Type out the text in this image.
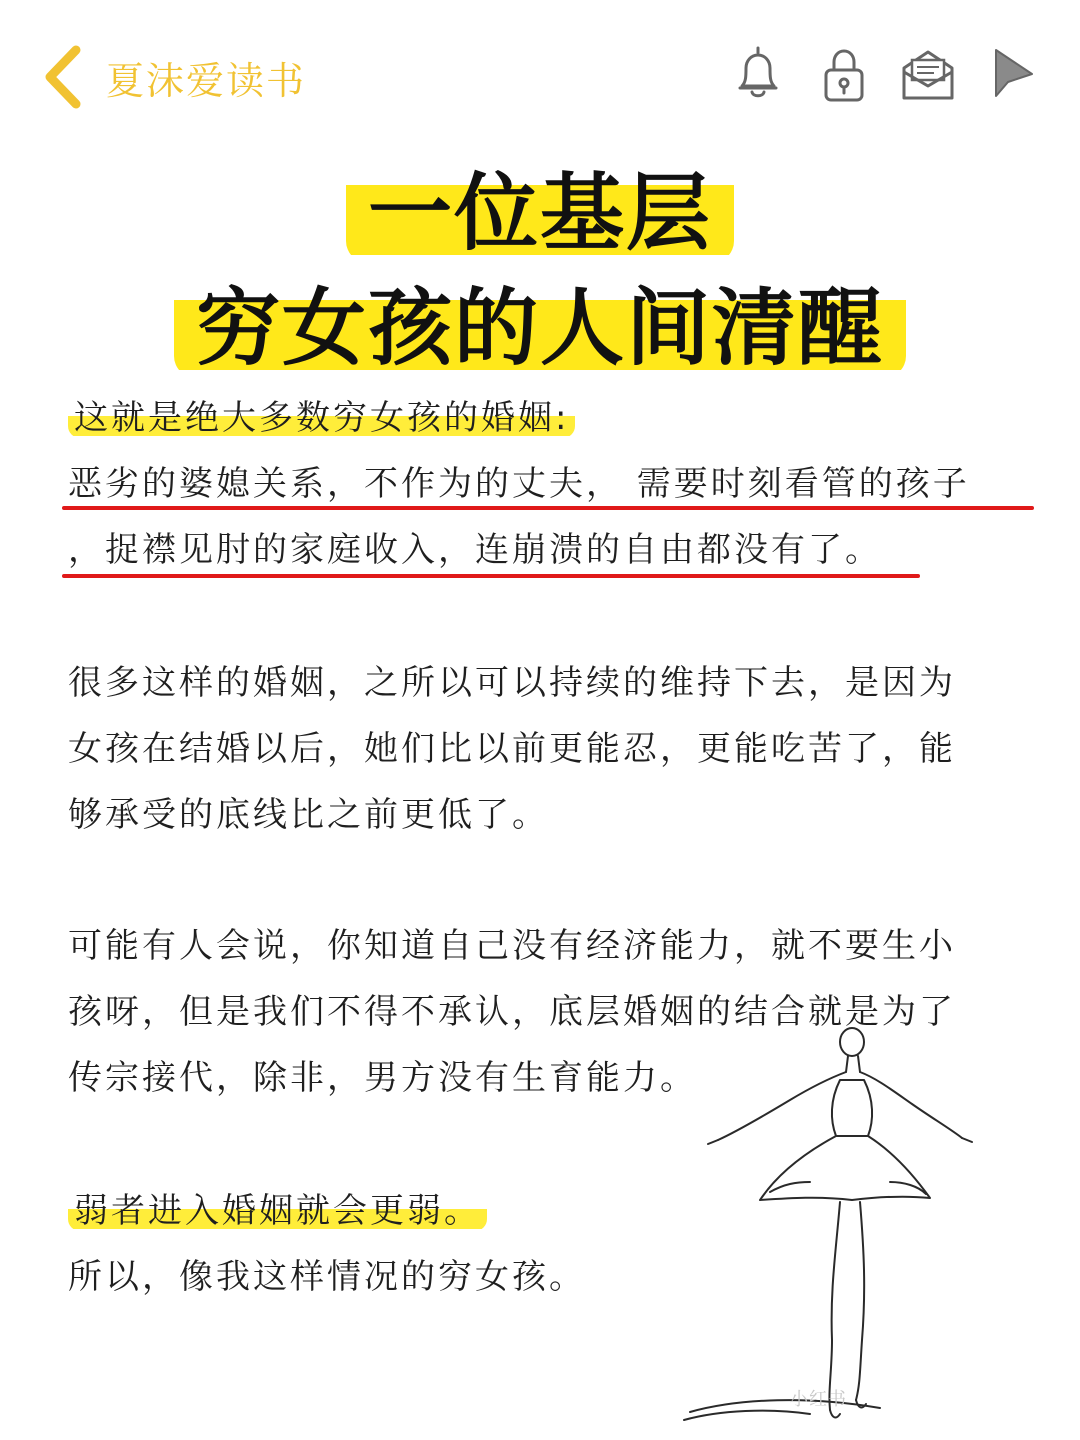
夏沫爱读书
一位基层
穷女孩的人间清醒
这就是绝大多数穷女孩的婚姻:
恶劣的婆媳关系，不作为的丈夫， 需要时刻看管的孩子
，捉襟见肘的家庭收入，连崩溃的自由都没有了。
很多这样的婚姻，之所以可以持续的维持下去，是因为
女孩在结婚以后，她们比以前更能忍，更能吃苦了，能
够承受的底线比之前更低了。
可能有人会说，你知道自己没有经济能力，就不要生小
孩呀，但是我们不得不承认，底层婚姻的结合就是为了
传宗接代，除非，男方没有生育能力。
弱者进入婚姻就会更弱。
所以，像我这样情况的穷女孩。
小红书
